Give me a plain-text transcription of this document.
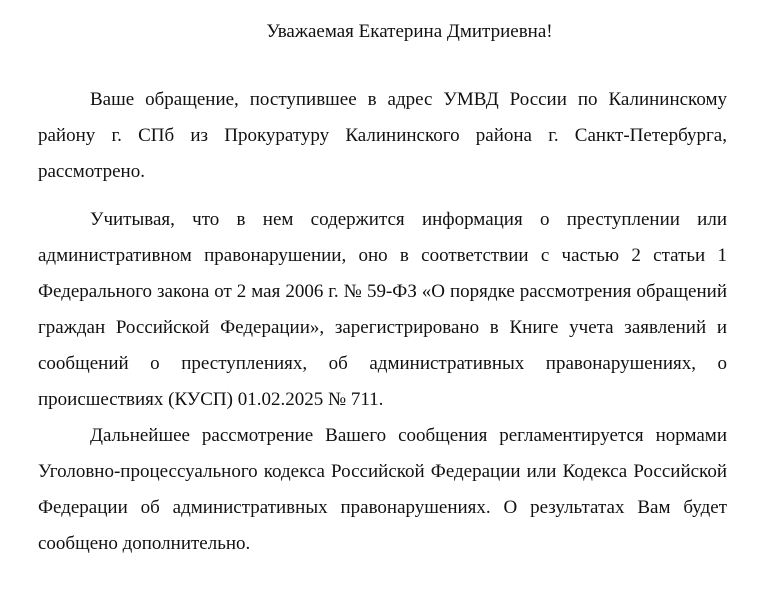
Уважаемая Екатерина Дмитриевна!

Ваше обращение, поступившее в адрес УМВД России по Калининскому району г. СПб из Прокуратуру Калининского района г. Санкт-Петербурга, рассмотрено.

Учитывая, что в нем содержится информация о преступлении или административном правонарушении, оно в соответствии с частью 2 статьи 1 Федерального закона от 2 мая 2006 г. № 59-ФЗ «О порядке рассмотрения обращений граждан Российской Федерации», зарегистрировано в Книге учета заявлений и сообщений о преступлениях, об административных правонарушениях, о происшествиях (КУСП) 01.02.2025 № 711.

Дальнейшее рассмотрение Вашего сообщения регламентируется нормами Уголовно-процессуального кодекса Российской Федерации или Кодекса Российской Федерации об административных правонарушениях. О результатах Вам будет сообщено дополнительно.
